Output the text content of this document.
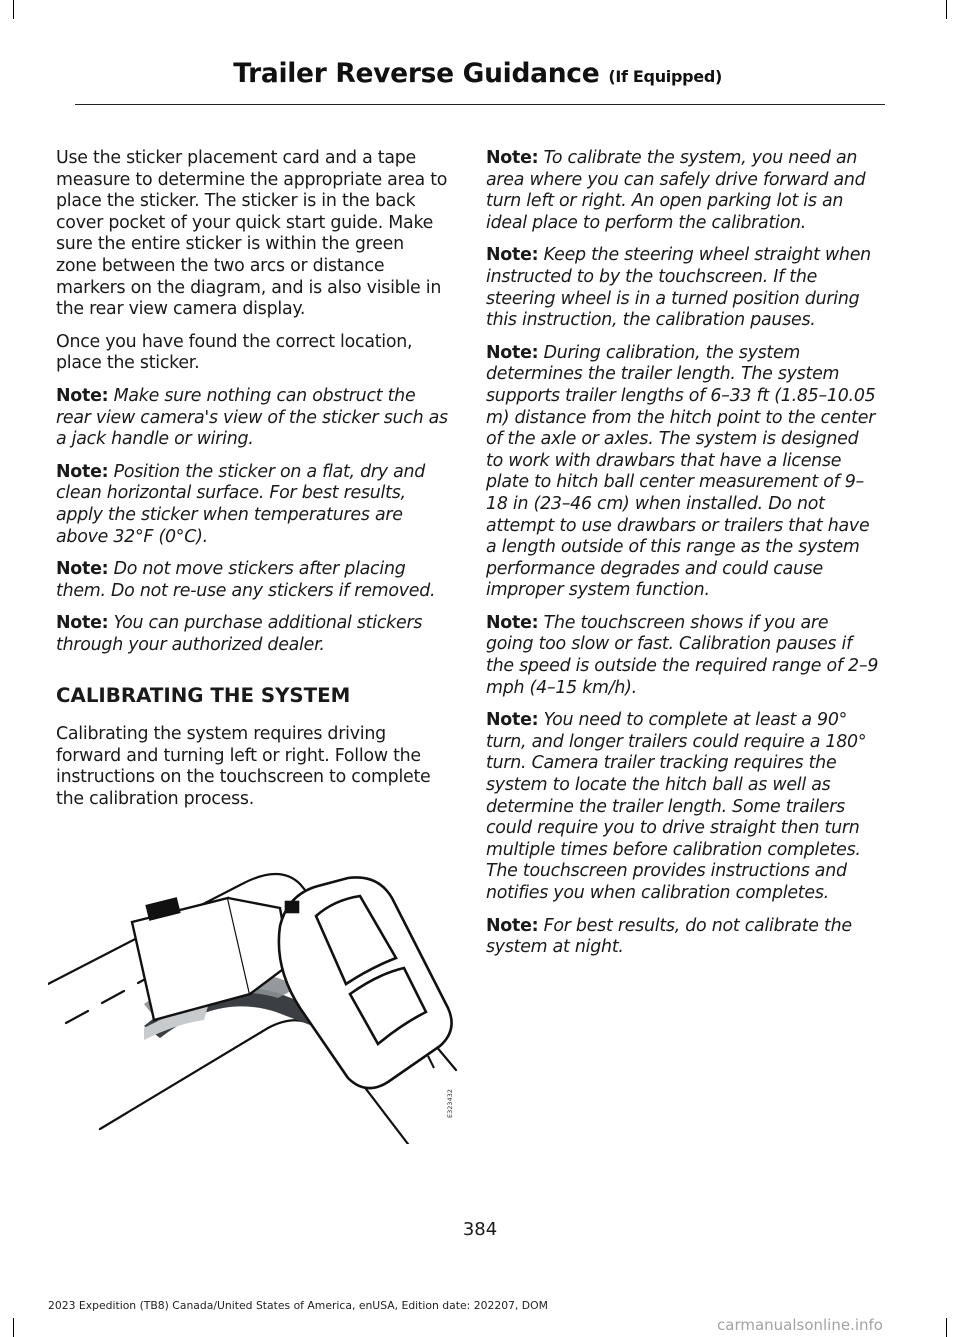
Trailer Reverse Guidance (If Equipped)

Use the sticker placement card and a tape measure to determine the appropriate area to place the sticker. The sticker is in the back cover pocket of your quick start guide. Make sure the entire sticker is within the green zone between the two arcs or distance markers on the diagram, and is also visible in the rear view camera display.

Once you have found the correct location, place the sticker.

Note: Make sure nothing can obstruct the rear view camera's view of the sticker such as a jack handle or wiring.

Note: Position the sticker on a flat, dry and clean horizontal surface. For best results, apply the sticker when temperatures are above 32°F (0°C).

Note: Do not move stickers after placing them. Do not re-use any stickers if removed.

Note: You can purchase additional stickers through your authorized dealer.

CALIBRATING THE SYSTEM

Calibrating the system requires driving forward and turning left or right. Follow the instructions on the touchscreen to complete the calibration process.

Note: To calibrate the system, you need an area where you can safely drive forward and turn left or right. An open parking lot is an ideal place to perform the calibration.

Note: Keep the steering wheel straight when instructed to by the touchscreen. If the steering wheel is in a turned position during this instruction, the calibration pauses.

Note: During calibration, the system determines the trailer length. The system supports trailer lengths of 6–33 ft (1.85–10.05 m) distance from the hitch point to the center of the axle or axles. The system is designed to work with drawbars that have a license plate to hitch ball center measurement of 9–18 in (23–46 cm) when installed. Do not attempt to use drawbars or trailers that have a length outside of this range as the system performance degrades and could cause improper system function.

Note: The touchscreen shows if you are going too slow or fast. Calibration pauses if the speed is outside the required range of 2–9 mph (4–15 km/h).

Note: You need to complete at least a 90° turn, and longer trailers could require a 180° turn. Camera trailer tracking requires the system to locate the hitch ball as well as determine the trailer length. Some trailers could require you to drive straight then turn multiple times before calibration completes. The touchscreen provides instructions and notifies you when calibration completes.

Note: For best results, do not calibrate the system at night.

E323432
384
2023 Expedition (TB8) Canada/United States of America, enUSA, Edition date: 202207, DOM
carmanualsonline.info
